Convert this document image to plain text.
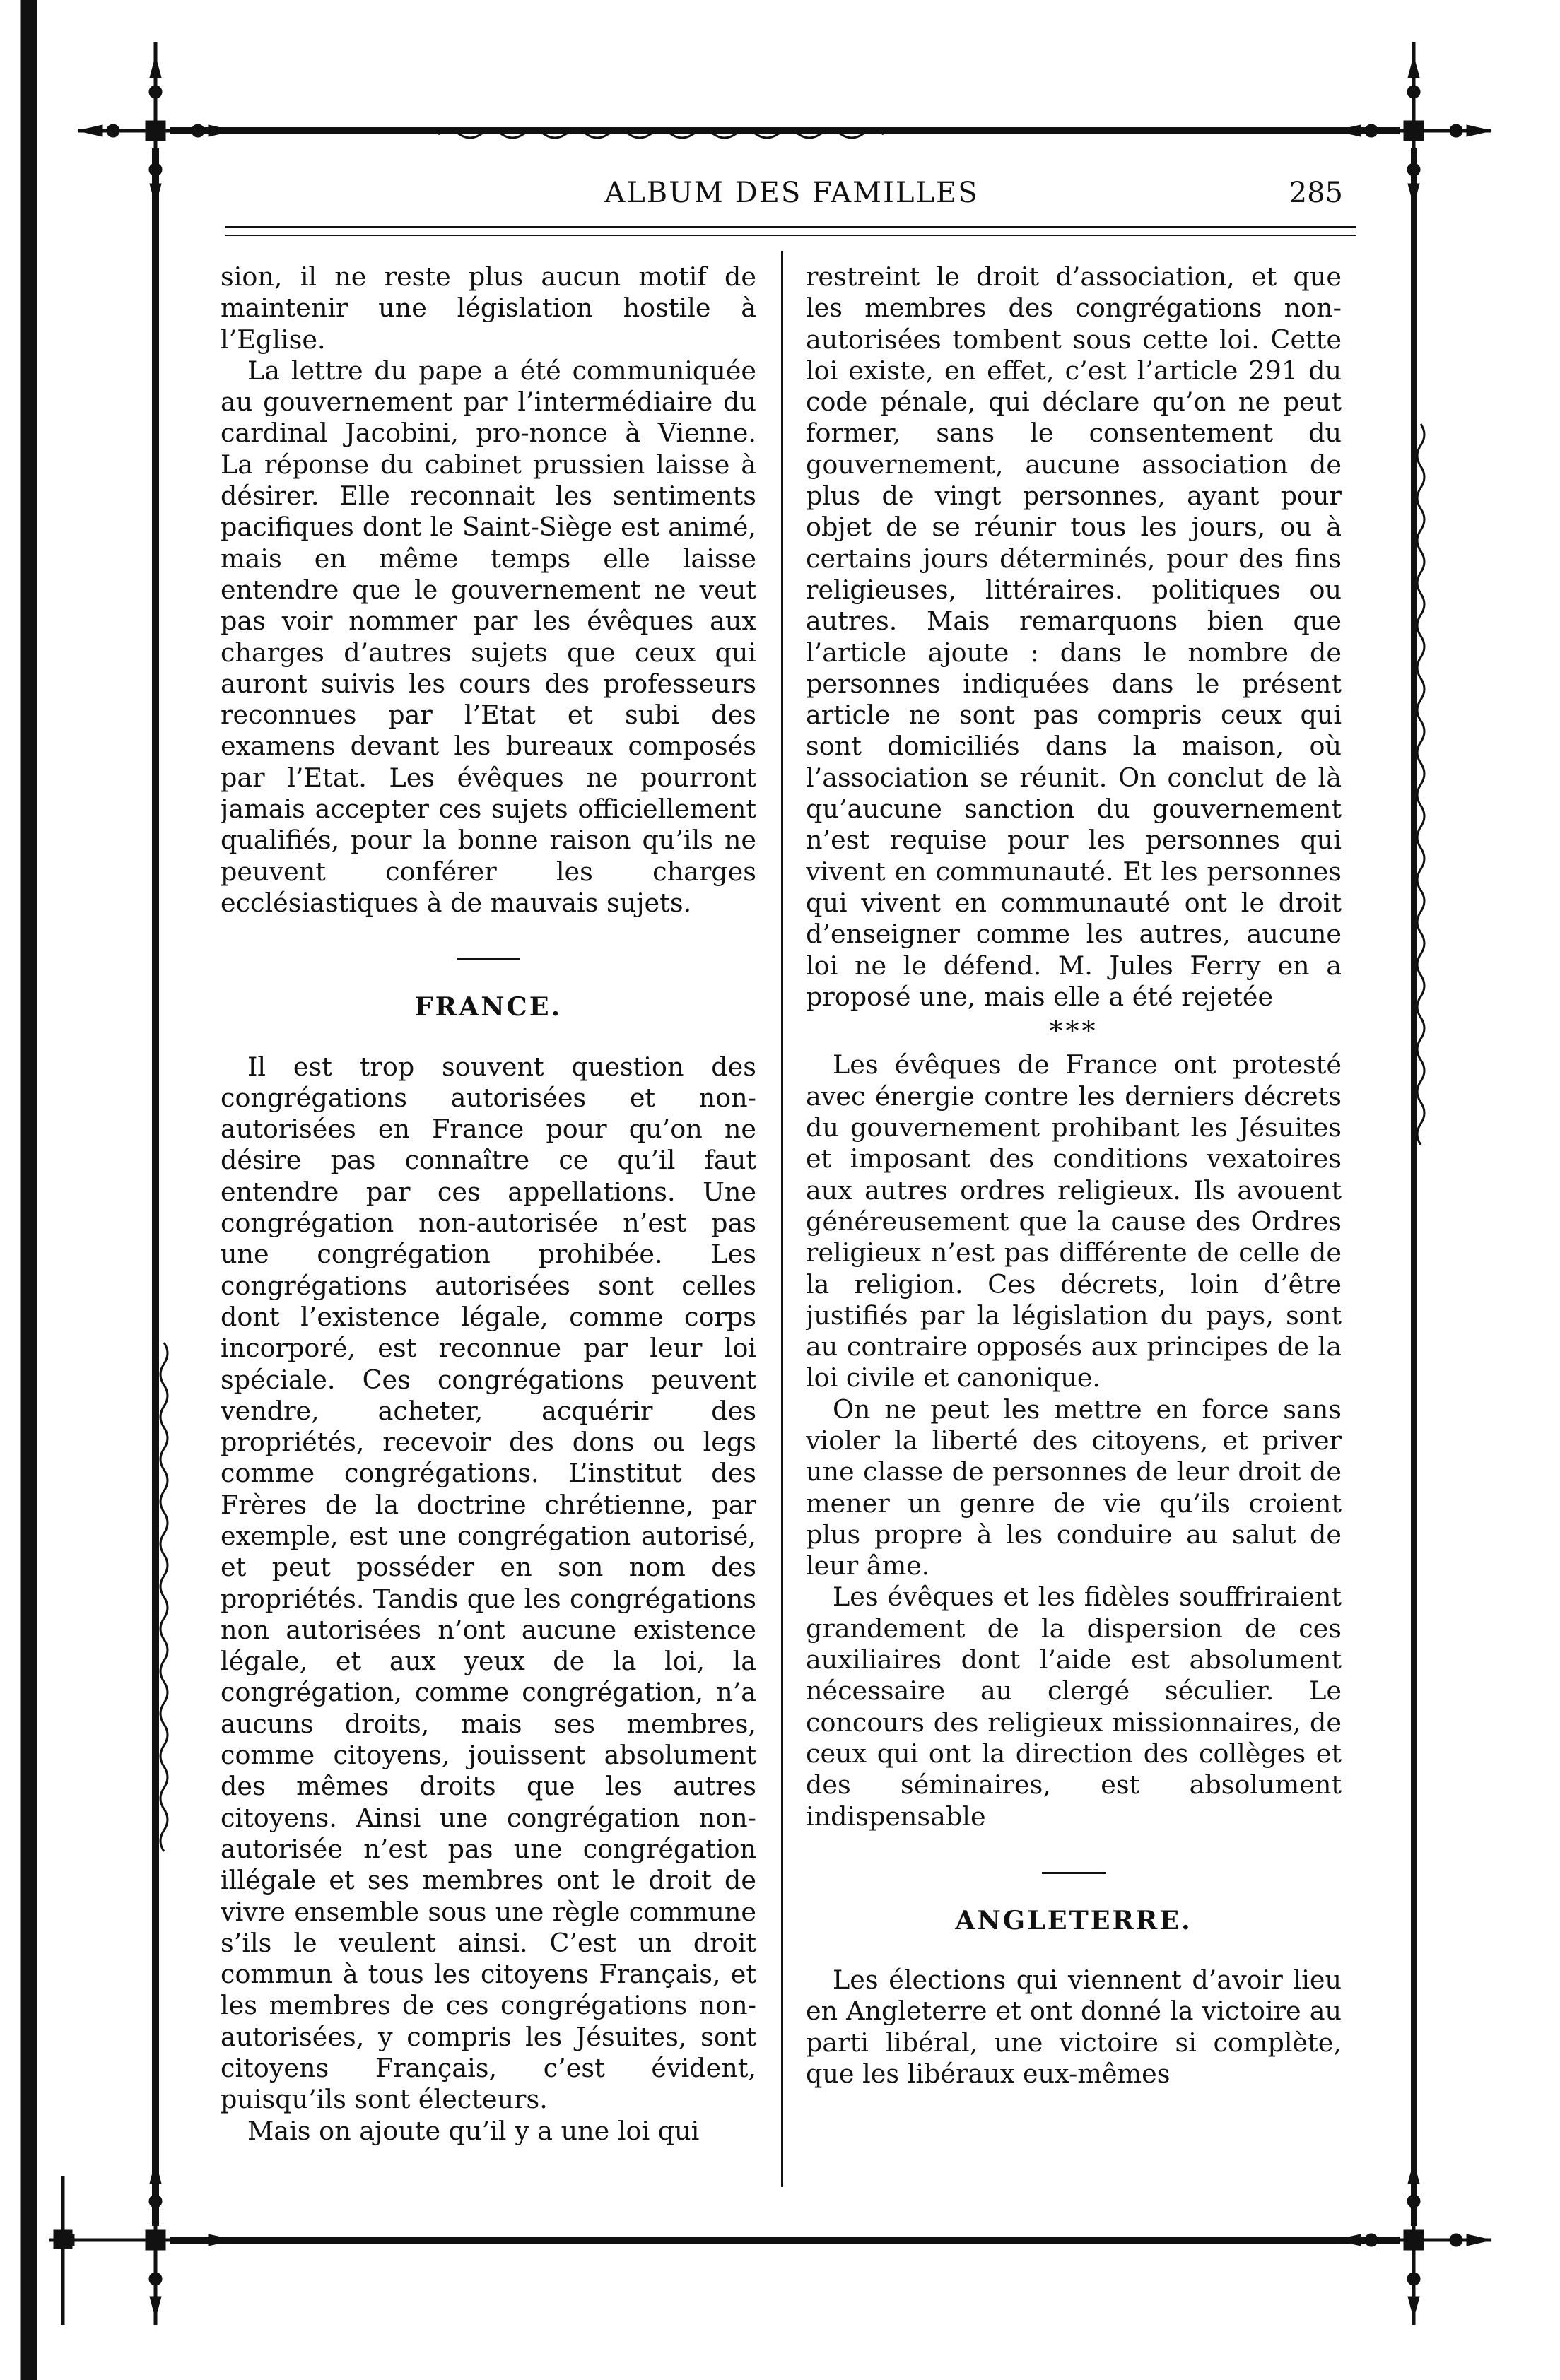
ALBUM DES FAMILLES	285

sion, il ne reste plus aucun motif de maintenir une législation hostile à l’Eglise.

La lettre du pape a été communiquée au gouvernement par l’intermédiaire du cardinal Jacobini, pro-nonce à Vienne. La réponse du cabinet prussien laisse à désirer. Elle reconnait les sentiments pacifiques dont le Saint-Siège est animé, mais en même temps elle laisse entendre que le gouvernement ne veut pas voir nommer par les évêques aux charges d’autres sujets que ceux qui auront suivis les cours des professeurs reconnues par l’Etat et subi des examens devant les bureaux composés par l’Etat. Les évêques ne pourront jamais accepter ces sujets officiellement qualifiés, pour la bonne raison qu’ils ne peuvent conférer les charges ecclésiastiques à de mauvais sujets.

FRANCE.

Il est trop souvent question des congrégations autorisées et non-autorisées en France pour qu’on ne désire pas connaître ce qu’il faut entendre par ces appellations. Une congrégation non-autorisée n’est pas une congrégation prohibée. Les congrégations autorisées sont celles dont l’existence légale, comme corps incorporé, est reconnue par leur loi spéciale. Ces congrégations peuvent vendre, acheter, acquérir des propriétés, recevoir des dons ou legs comme congrégations. L’institut des Frères de la doctrine chrétienne, par exemple, est une congrégation autorisé, et peut posséder en son nom des propriétés. Tandis que les congrégations non autorisées n’ont aucune existence légale, et aux yeux de la loi, la congrégation, comme congrégation, n’a aucuns droits, mais ses membres, comme citoyens, jouissent absolument des mêmes droits que les autres citoyens. Ainsi une congrégation non-autorisée n’est pas une congrégation illégale et ses membres ont le droit de vivre ensemble sous une règle commune s’ils le veulent ainsi. C’est un droit commun à tous les citoyens Français, et les membres de ces congrégations non-autorisées, y compris les Jésuites, sont citoyens Français, c’est évident, puisqu’ils sont électeurs.

Mais on ajoute qu’il y a une loi qui

restreint le droit d’association, et que les membres des congrégations non-autorisées tombent sous cette loi. Cette loi existe, en effet, c’est l’article 291 du code pénale, qui déclare qu’on ne peut former, sans le consentement du gouvernement, aucune association de plus de vingt personnes, ayant pour objet de se réunir tous les jours, ou à certains jours déterminés, pour des fins religieuses, littéraires. politiques ou autres. Mais remarquons bien que l’article ajoute : dans le nombre de personnes indiquées dans le présent article ne sont pas compris ceux qui sont domiciliés dans la maison, où l’association se réunit. On conclut de là qu’aucune sanction du gouvernement n’est requise pour les personnes qui vivent en communauté. Et les personnes qui vivent en communauté ont le droit d’enseigner comme les autres, aucune loi ne le défend. M. Jules Ferry en a proposé une, mais elle a été rejetée

***

Les évêques de France ont protesté avec énergie contre les derniers décrets du gouvernement prohibant les Jésuites et imposant des conditions vexatoires aux autres ordres religieux. Ils avouent généreusement que la cause des Ordres religieux n’est pas différente de celle de la religion. Ces décrets, loin d’être justifiés par la législation du pays, sont au contraire opposés aux principes de la loi civile et canonique.

On ne peut les mettre en force sans violer la liberté des citoyens, et priver une classe de personnes de leur droit de mener un genre de vie qu’ils croient plus propre à les conduire au salut de leur âme.

Les évêques et les fidèles souffriraient grandement de la dispersion de ces auxiliaires dont l’aide est absolument nécessaire au clergé séculier. Le concours des religieux missionnaires, de ceux qui ont la direction des collèges et des séminaires, est absolument indispensable

ANGLETERRE.

Les élections qui viennent d’avoir lieu en Angleterre et ont donné la victoire au parti libéral, une victoire si complète, que les libéraux eux-mêmes
